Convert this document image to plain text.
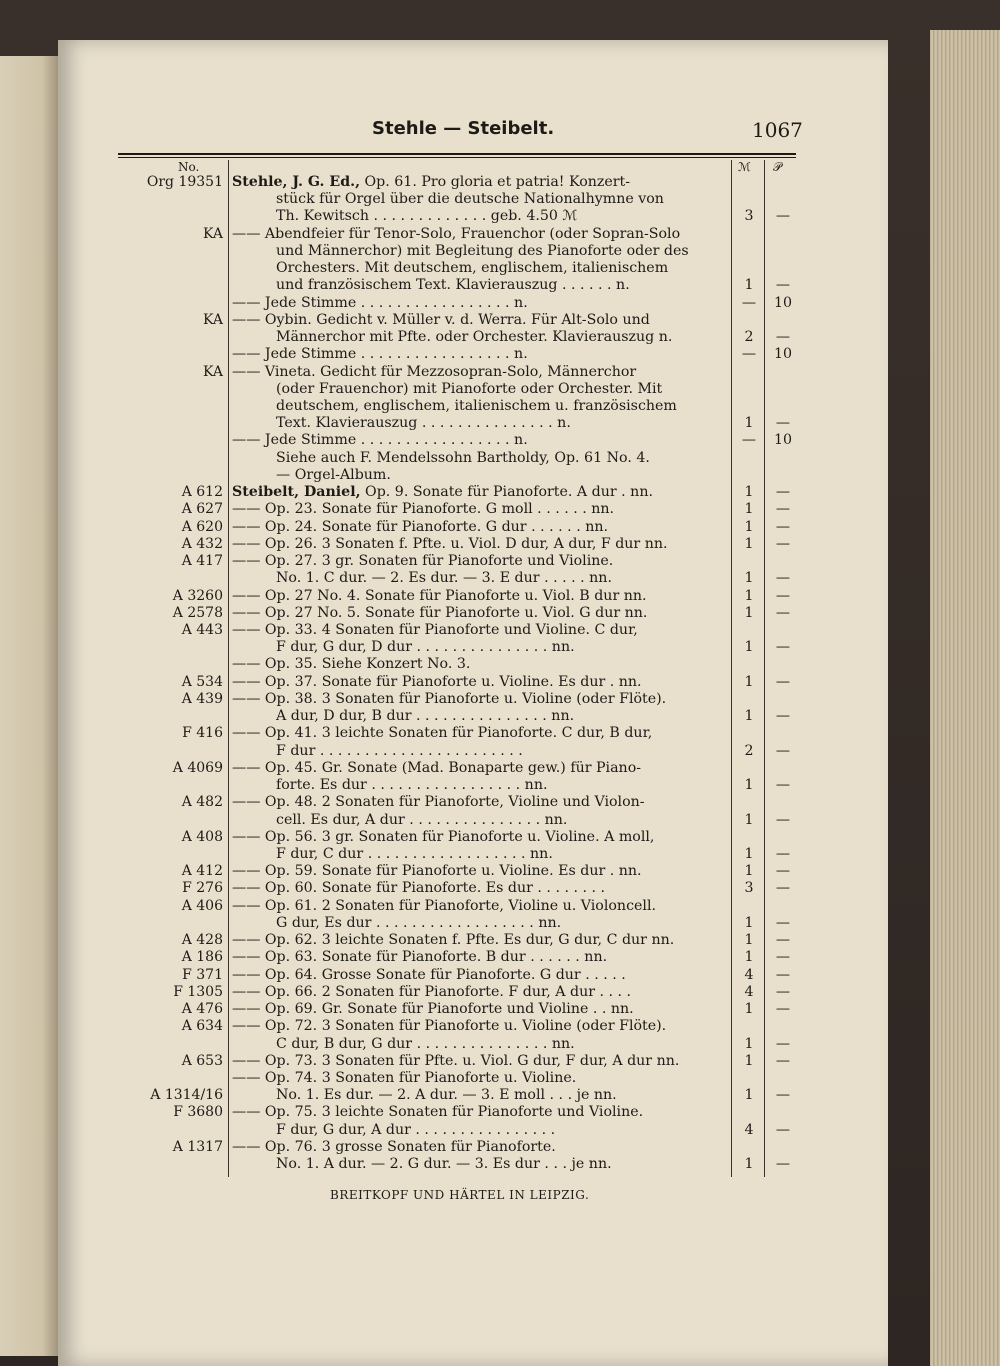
Stehle — Steibelt.	1067
No.	ℳ 𝒫
Org 19351 Stehle, J. G. Ed., Op. 61. Pro gloria et patria! Konzert-
stück für Orgel über die deutsche Nationalhymne von
Th. Kewitsch . . . . . . . . . . . . . geb. 4.50 ℳ	3	—
KA —— Abendfeier für Tenor-Solo, Frauenchor (oder Sopran-Solo
und Männerchor) mit Begleitung des Pianoforte oder des
Orchesters. Mit deutschem, englischem, italienischem
und französischem Text. Klavierauszug . . . . . . n.	1	—
—— Jede Stimme . . . . . . . . . . . . . . . . . n.	— 10
KA —— Oybin. Gedicht v. Müller v. d. Werra. Für Alt-Solo und
Männerchor mit Pfte. oder Orchester. Klavierauszug n.	2	—
—— Jede Stimme . . . . . . . . . . . . . . . . . n.	— 10
KA —— Vineta. Gedicht für Mezzosopran-Solo, Männerchor
(oder Frauenchor) mit Pianoforte oder Orchester. Mit
deutschem, englischem, italienischem u. französischem
Text. Klavierauszug . . . . . . . . . . . . . . . n.	1	—
—— Jede Stimme . . . . . . . . . . . . . . . . . n.	— 10
Siehe auch F. Mendelssohn Bartholdy, Op. 61 No. 4.
— Orgel-Album.
A 612 Steibelt, Daniel, Op. 9. Sonate für Pianoforte. A dur . nn.	1	—
A 627 —— Op. 23. Sonate für Pianoforte. G moll . . . . . . nn.	1	—
A 620 —— Op. 24. Sonate für Pianoforte. G dur . . . . . . nn.	1	—
A 432 —— Op. 26. 3 Sonaten f. Pfte. u. Viol. D dur, A dur, F dur nn.	1	—
A 417 —— Op. 27. 3 gr. Sonaten für Pianoforte und Violine.
No. 1. C dur. — 2. Es dur. — 3. E dur . . . . . nn.	1	—
A 3260 —— Op. 27 No. 4. Sonate für Pianoforte u. Viol. B dur nn.	1	—
A 2578 —— Op. 27 No. 5. Sonate für Pianoforte u. Viol. G dur nn.	1	—
A 443 —— Op. 33. 4 Sonaten für Pianoforte und Violine. C dur,
F dur, G dur, D dur . . . . . . . . . . . . . . . nn.	1	—
—— Op. 35. Siehe Konzert No. 3.
A 534 —— Op. 37. Sonate für Pianoforte u. Violine. Es dur . nn.	1	—
A 439 —— Op. 38. 3 Sonaten für Pianoforte u. Violine (oder Flöte).
A dur, D dur, B dur . . . . . . . . . . . . . . . nn.	1	—
F 416 —— Op. 41. 3 leichte Sonaten für Pianoforte. C dur, B dur,
F dur . . . . . . . . . . . . . . . . . . . . . . .	2	—
A 4069 —— Op. 45. Gr. Sonate (Mad. Bonaparte gew.) für Piano-
forte. Es dur . . . . . . . . . . . . . . . . . nn.	1	—
A 482 —— Op. 48. 2 Sonaten für Pianoforte, Violine und Violon-
cell. Es dur, A dur . . . . . . . . . . . . . . . nn.	1	—
A 408 —— Op. 56. 3 gr. Sonaten für Pianoforte u. Violine. A moll,
F dur, C dur . . . . . . . . . . . . . . . . . . nn.	1	—
A 412 —— Op. 59. Sonate für Pianoforte u. Violine. Es dur . nn.	1	—
F 276 —— Op. 60. Sonate für Pianoforte. Es dur . . . . . . . .	3	—
A 406 —— Op. 61. 2 Sonaten für Pianoforte, Violine u. Violoncell.
G dur, Es dur . . . . . . . . . . . . . . . . . . nn.	1	—
A 428 —— Op. 62. 3 leichte Sonaten f. Pfte. Es dur, G dur, C dur nn.	1	—
A 186 —— Op. 63. Sonate für Pianoforte. B dur . . . . . . nn.	1	—
F 371 —— Op. 64. Grosse Sonate für Pianoforte. G dur . . . . .	4	—
F 1305 —— Op. 66. 2 Sonaten für Pianoforte. F dur, A dur . . . .	4	—
A 476 —— Op. 69. Gr. Sonate für Pianoforte und Violine . . nn.	1	—
A 634 —— Op. 72. 3 Sonaten für Pianoforte u. Violine (oder Flöte).
C dur, B dur, G dur . . . . . . . . . . . . . . . nn.	1	—
A 653 —— Op. 73. 3 Sonaten für Pfte. u. Viol. G dur, F dur, A dur nn.	1	—
—— Op. 74. 3 Sonaten für Pianoforte u. Violine.
A 1314/16	No. 1. Es dur. — 2. A dur. — 3. E moll . . . je nn.	1	—
F 3680 —— Op. 75. 3 leichte Sonaten für Pianoforte und Violine.
F dur, G dur, A dur . . . . . . . . . . . . . . . .	4	—
A 1317 —— Op. 76. 3 grosse Sonaten für Pianoforte.
No. 1. A dur. — 2. G dur. — 3. Es dur . . . je nn.	1	—
BREITKOPF UND HÄRTEL IN LEIPZIG.
